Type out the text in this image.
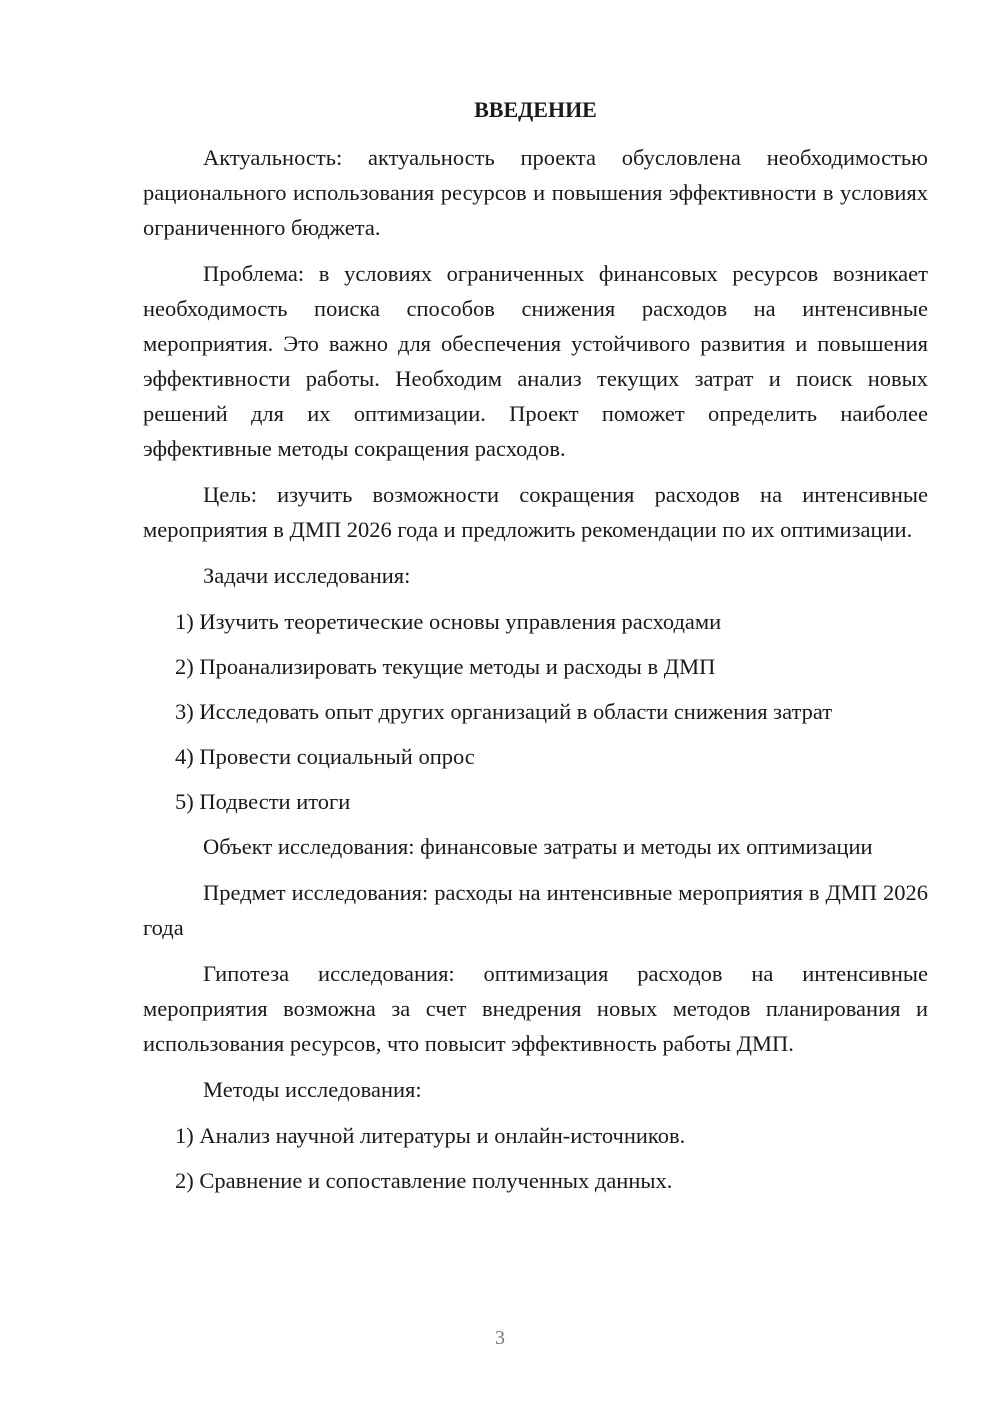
ВВЕДЕНИЕ

Актуальность: актуальность проекта обусловлена необходимостью рационального использования ресурсов и повышения эффективности в условиях ограниченного бюджета.

Проблема: в условиях ограниченных финансовых ресурсов возникает необходимость поиска способов снижения расходов на интенсивные мероприятия. Это важно для обеспечения устойчивого развития и повышения эффективности работы. Необходим анализ текущих затрат и поиск новых решений для их оптимизации. Проект поможет определить наиболее эффективные методы сокращения расходов.

Цель: изучить возможности сокращения расходов на интенсивные мероприятия в ДМП 2026 года и предложить рекомендации по их оптимизации.

Задачи исследования:

1) Изучить теоретические основы управления расходами

2) Проанализировать текущие методы и расходы в ДМП

3) Исследовать опыт других организаций в области снижения затрат

4) Провести социальный опрос

5) Подвести итоги

Объект исследования: финансовые затраты и методы их оптимизации

Предмет исследования: расходы на интенсивные мероприятия в ДМП 2026 года

Гипотеза исследования: оптимизация расходов на интенсивные мероприятия возможна за счет внедрения новых методов планирования и использования ресурсов, что повысит эффективность работы ДМП.

Методы исследования:

1) Анализ научной литературы и онлайн-источников.

2) Сравнение и сопоставление полученных данных.

3
